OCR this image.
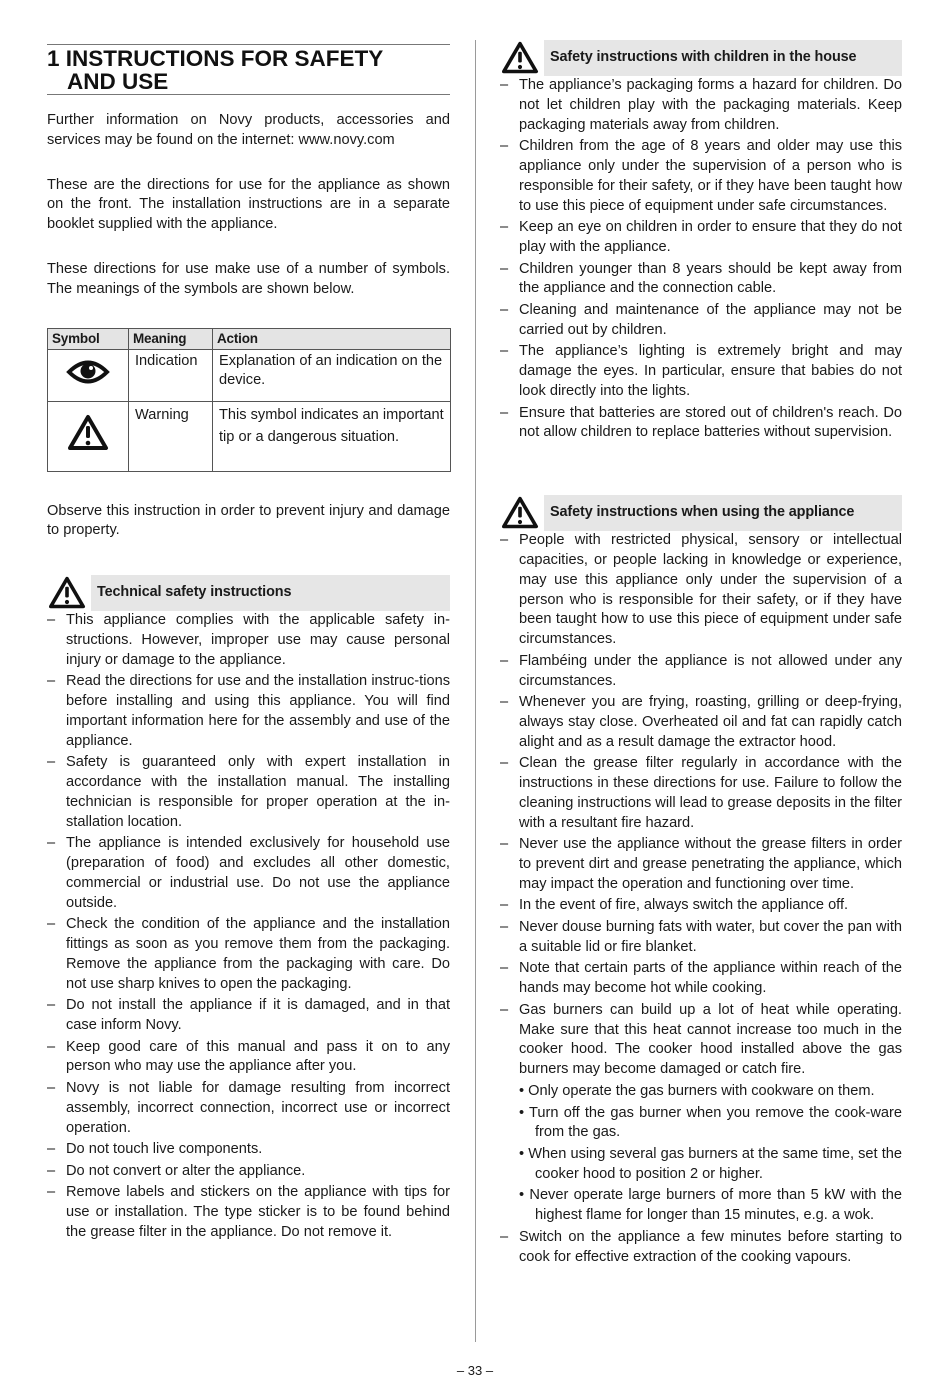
1 INSTRUCTIONS FOR SAFETY
AND USE

Further information on Novy products, accessories and services may be found on the internet: www.novy.com

These are the directions for use for the appliance as shown on the front. The installation instructions are in a separate booklet supplied with the appliance.

These directions for use make use of a number of symbols. The meanings of the symbols are shown below.

Symbol	Meaning	Action

	Indication	Explanation of an indication on the device.

	Warning	This symbol indicates an important tip or a dangerous situation.

Observe this instruction in order to prevent injury and damage to property.

Technical safety instructions
– This appliance complies with the applicable safety in-structions. However, improper use may cause personal injury or damage to the appliance.
– Read the directions for use and the installation instruc-tions before installing and using this appliance. You will find important information here for the assembly and use of the appliance.
– Safety is guaranteed only with expert installation in accordance with the installation manual. The installing technician is responsible for proper operation at the in-stallation location.
– The appliance is intended exclusively for household use (preparation of food) and excludes all other domestic, commercial or industrial use. Do not use the appliance outside.
– Check the condition of the appliance and the installation fittings as soon as you remove them from the packaging. Remove the appliance from the packaging with care. Do not use sharp knives to open the packaging.
– Do not install the appliance if it is damaged, and in that case inform Novy.
– Keep good care of this manual and pass it on to any person who may use the appliance after you.
– Novy is not liable for damage resulting from incorrect assembly, incorrect connection, incorrect use or incorrect operation.
– Do not touch live components.
– Do not convert or alter the appliance.
– Remove labels and stickers on the appliance with tips for use or installation. The type sticker is to be found behind the grease filter in the appliance. Do not remove it.
Safety instructions with children in the house
– The appliance’s packaging forms a hazard for children. Do not let children play with the packaging materials. Keep packaging materials away from children.
– Children from the age of 8 years and older may use this appliance only under the supervision of a person who is responsible for their safety, or if they have been taught how to use this piece of equipment under safe circumstances.
– Keep an eye on children in order to ensure that they do not play with the appliance.
– Children younger than 8 years should be kept away from the appliance and the connection cable.
– Cleaning and maintenance of the appliance may not be carried out by children.
– The appliance’s lighting is extremely bright and may damage the eyes. In particular, ensure that babies do not look directly into the lights.
– Ensure that batteries are stored out of children's reach. Do not allow children to replace batteries without supervision.
Safety instructions when using the appliance
– People with restricted physical, sensory or intellectual capacities, or people lacking in knowledge or experience, may use this appliance only under the supervision of a person who is responsible for their safety, or if they have been taught how to use this piece of equipment under safe circumstances.
– Flambéing under the appliance is not allowed under any circumstances.
– Whenever you are frying, roasting, grilling or deep-frying, always stay close. Overheated oil and fat can rapidly catch alight and as a result damage the extractor hood.
– Clean the grease filter regularly in accordance with the instructions in these directions for use. Failure to follow the cleaning instructions will lead to grease deposits in the filter with a resultant fire hazard.
– Never use the appliance without the grease filters in order to prevent dirt and grease penetrating the appliance, which may impact the operation and functioning over time.
– In the event of fire, always switch the appliance off.
– Never douse burning fats with water, but cover the pan with a suitable lid or fire blanket.
– Note that certain parts of the appliance within reach of the hands may become hot while cooking.
– Gas burners can build up a lot of heat while operating. Make sure that this heat cannot increase too much in the cooker hood. The cooker hood installed above the gas burners may become damaged or catch fire.
• Only operate the gas burners with cookware on them.
• Turn off the gas burner when you remove the cook-ware from the gas.
• When using several gas burners at the same time, set the cooker hood to position 2 or higher.
• Never operate large burners of more than 5 kW with the highest flame for longer than 15 minutes, e.g. a wok.
– Switch on the appliance a few minutes before starting to cook for effective extraction of the cooking vapours.
– 33 –
